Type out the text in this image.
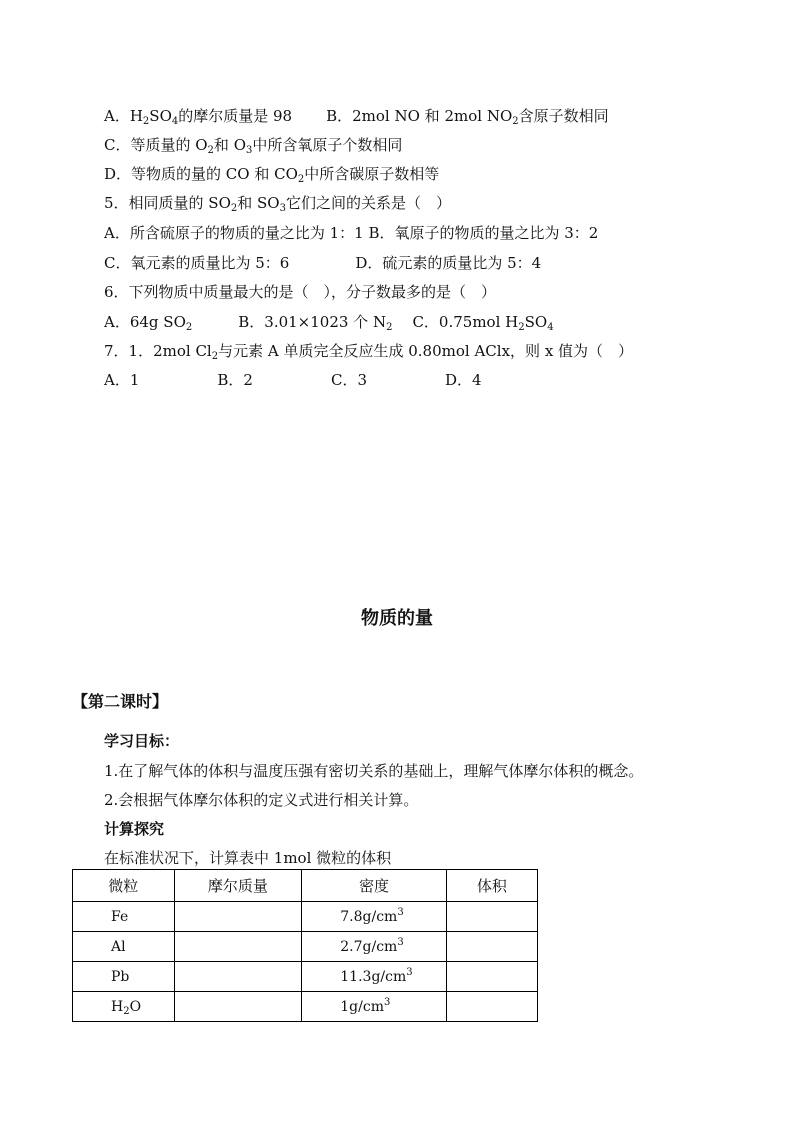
A．$H_2SO_4$的摩尔质量是 98 B．2mol NO 和 2mol $NO_2$含原子数相同
C．等质量的 $O_2$和 $O_3$中所含氧原子个数相同
D．等物质的量的 CO 和 $CO_2$中所含碳原子数相等
5．相同质量的 $SO_2$和 $SO_3$它们之间的关系是（　）
A．所含硫原子的物质的量之比为 1：1 B．氧原子的物质的量之比为 3：2
C．氧元素的质量比为 5：6	D．硫元素的质量比为 5：4
6．下列物质中质量最大的是（　），分子数最多的是（　）
A．64g $SO_2$	B．3.01×1023 个 $N_2$ C．0.75mol $H_2SO_4$
7．1．2mol $Cl_2$与元素 A 单质完全反应生成 0.80mol AClx，则 x 值为（　）
A．1	B．2	C．3	D．4
物质的量
【第二课时】
学习目标：
1.在了解气体的体积与温度压强有密切关系的基础上，理解气体摩尔体积的概念。
2.会根据气体摩尔体积的定义式进行相关计算。
计算探究
在标准状况下，计算表中 1mol 微粒的体积
微粒	摩尔质量	密度	体积
Fe		$7.8g/cm^3$	
Al		$2.7g/cm^3$	
Pb		$11.3g/cm^3$	
$H_2O$		$1g/cm^3$	
